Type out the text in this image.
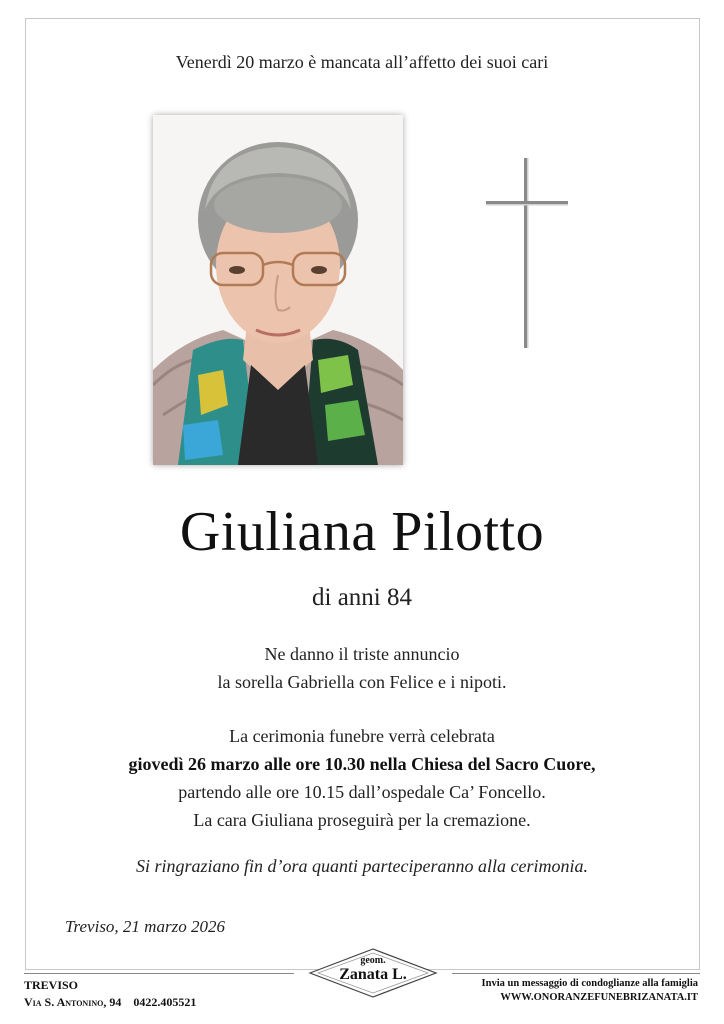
Venerdì 20 marzo è mancata all’affetto dei suoi cari
Giuliana Pilotto
di anni 84

Ne danno il triste annuncio

la sorella Gabriella con Felice e i nipoti.

La cerimonia funebre verrà celebrata

giovedì 26 marzo alle ore 10.30 nella Chiesa del Sacro Cuore,

partendo alle ore 10.15 dall’ospedale Ca’ Foncello.

La cara Giuliana proseguirà per la cremazione.

Si ringraziano fin d’ora quanti parteciperanno alla cerimonia.
Treviso, 21 marzo 2026
TREVISO
Via S. Antonino, 94 0422.405521
geom.
Zanata L.
Invia un messaggio di condoglianze alla famiglia
WWW.ONORANZEFUNEBRIZANATA.IT
